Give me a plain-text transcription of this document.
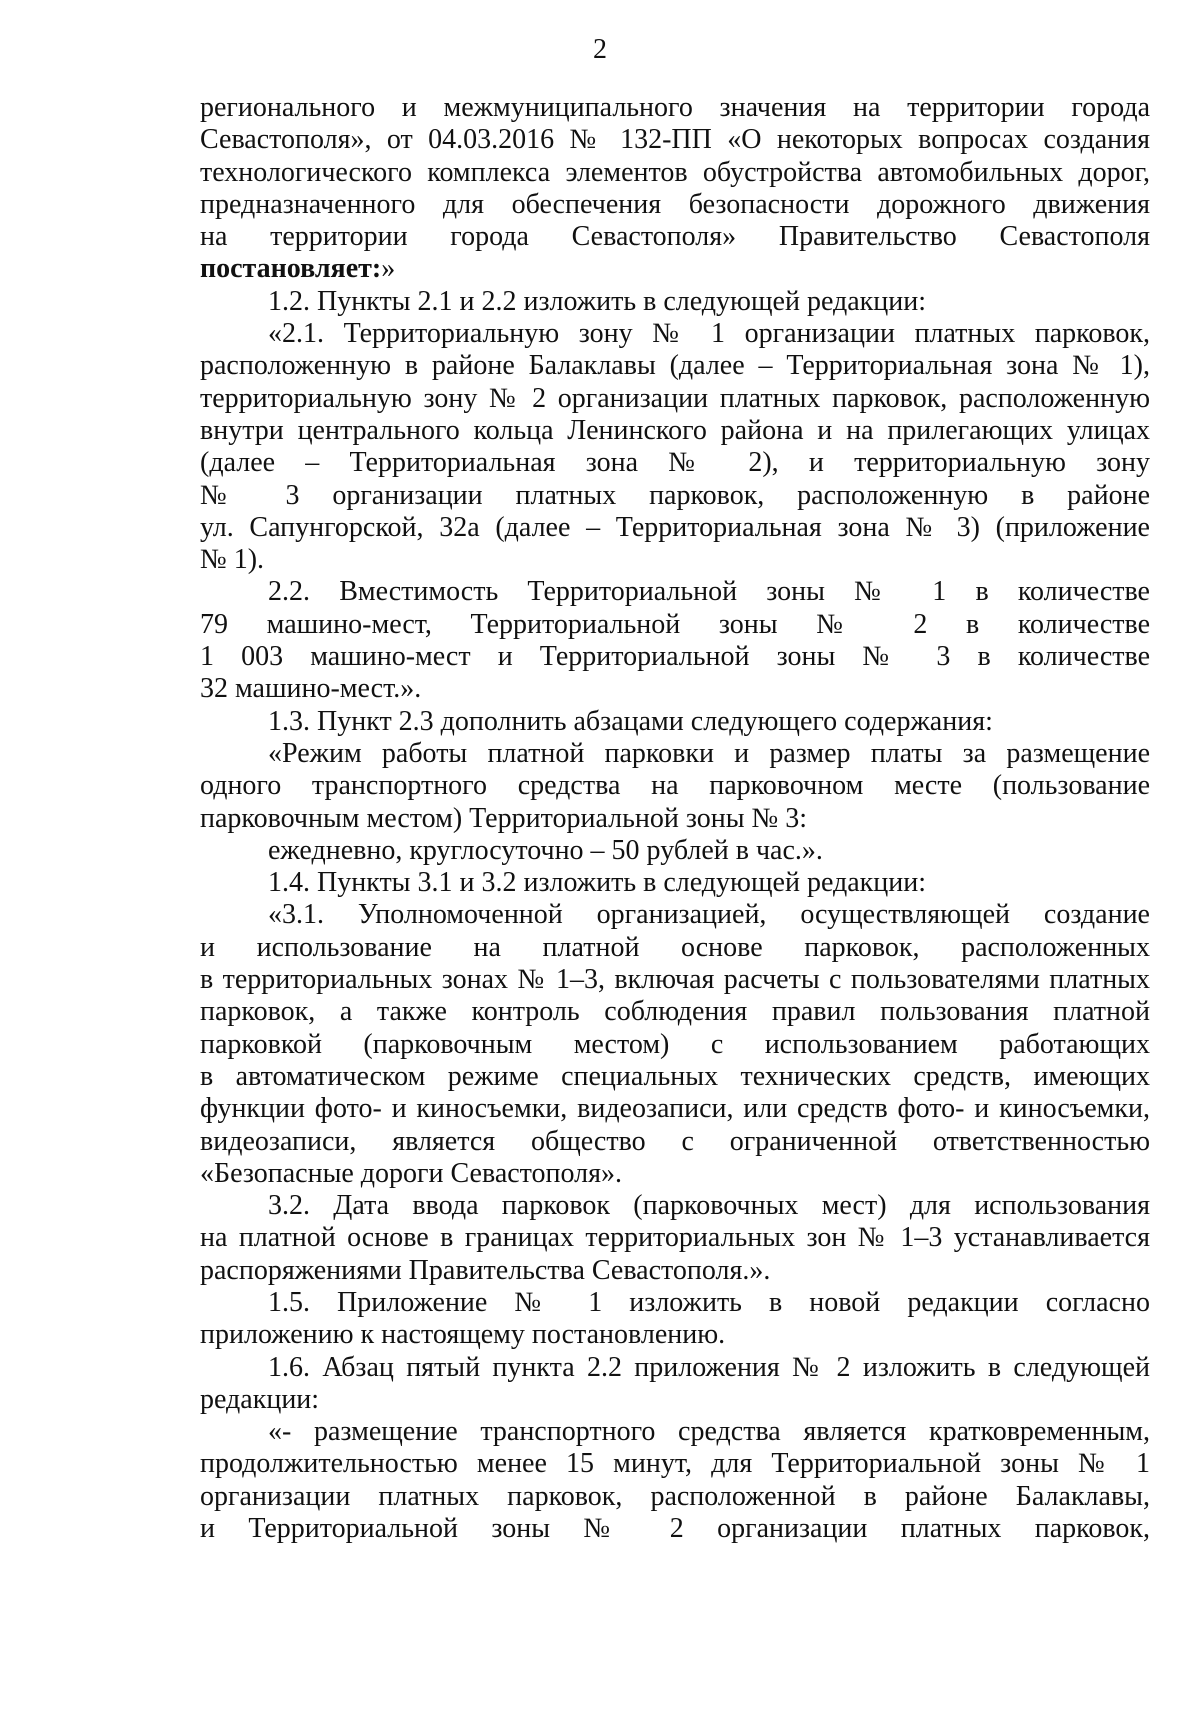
2
регионального и межмуниципального значения на территории города
Севастополя», от 04.03.2016 № 132-ПП «О некоторых вопросах создания
технологического комплекса элементов обустройства автомобильных дорог,
предназначенного для обеспечения безопасности дорожного движения
на территории города Севастополя» Правительство Севастополя
постановляет:»
1.2. Пункты 2.1 и 2.2 изложить в следующей редакции:
«2.1. Территориальную зону № 1 организации платных парковок,
расположенную в районе Балаклавы (далее – Территориальная зона № 1),
территориальную зону № 2 организации платных парковок, расположенную
внутри центрального кольца Ленинского района и на прилегающих улицах
(далее – Территориальная зона № 2), и территориальную зону
№ 3 организации платных парковок, расположенную в районе
ул. Сапунгорской, 32а (далее – Территориальная зона № 3) (приложение
№ 1).
2.2. Вместимость Территориальной зоны № 1 в количестве
79 машино-мест, Территориальной зоны № 2 в количестве
1 003 машино-мест и Территориальной зоны № 3 в количестве
32 машино-мест.».
1.3. Пункт 2.3 дополнить абзацами следующего содержания:
«Режим работы платной парковки и размер платы за размещение
одного транспортного средства на парковочном месте (пользование
парковочным местом) Территориальной зоны № 3:
ежедневно, круглосуточно – 50 рублей в час.».
1.4. Пункты 3.1 и 3.2 изложить в следующей редакции:
«3.1. Уполномоченной организацией, осуществляющей создание
и использование на платной основе парковок, расположенных
в территориальных зонах № 1–3, включая расчеты с пользователями платных
парковок, а также контроль соблюдения правил пользования платной
парковкой (парковочным местом) с использованием работающих
в автоматическом режиме специальных технических средств, имеющих
функции фото- и киносъемки, видеозаписи, или средств фото- и киносъемки,
видеозаписи, является общество с ограниченной ответственностью
«Безопасные дороги Севастополя».
3.2. Дата ввода парковок (парковочных мест) для использования
на платной основе в границах территориальных зон № 1–3 устанавливается
распоряжениями Правительства Севастополя.».
1.5. Приложение № 1 изложить в новой редакции согласно
приложению к настоящему постановлению.
1.6. Абзац пятый пункта 2.2 приложения № 2 изложить в следующей
редакции:
«- размещение транспортного средства является кратковременным,
продолжительностью менее 15 минут, для Территориальной зоны № 1
организации платных парковок, расположенной в районе Балаклавы,
и Территориальной зоны № 2 организации платных парковок,
